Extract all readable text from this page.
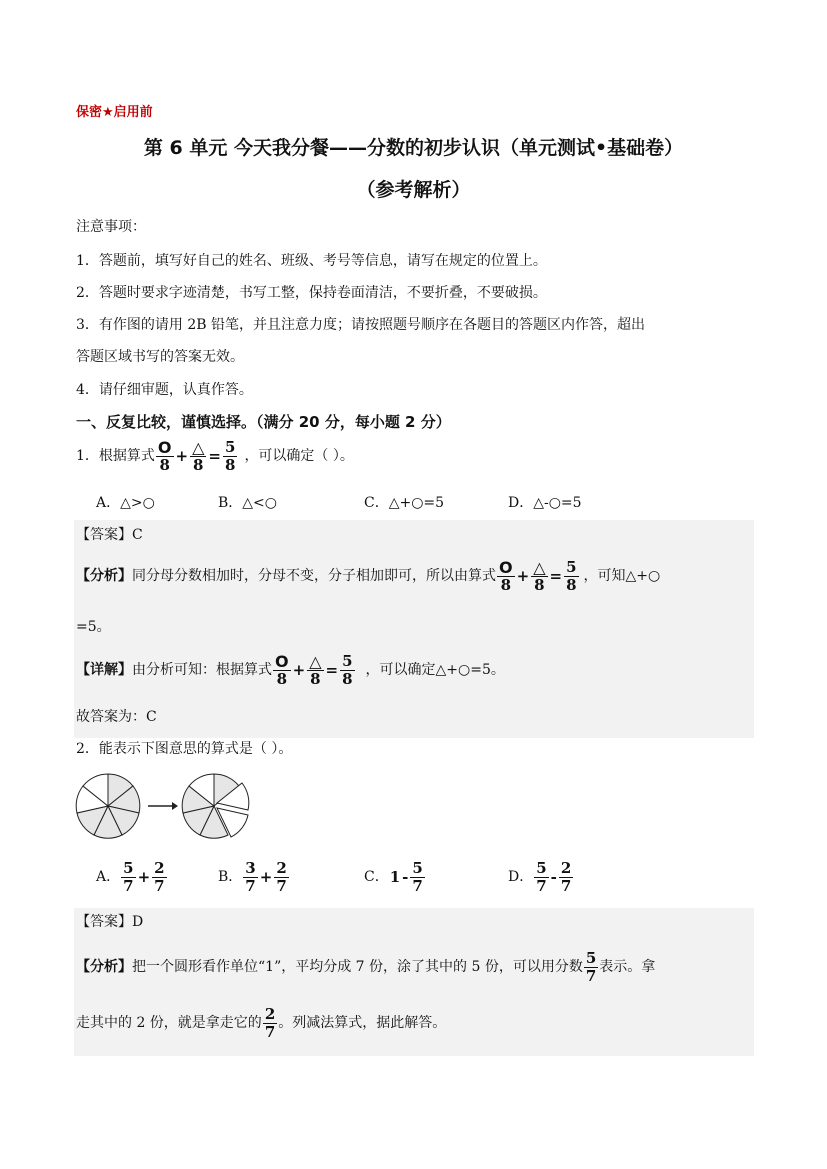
保密★启用前
第 6 单元 今天我分餐——分数的初步认识（单元测试•基础卷）
（参考解析）
注意事项：
1．答题前，填写好自己的姓名、班级、考号等信息，请写在规定的位置上。
2．答题时要求字迹清楚，书写工整，保持卷面清洁，不要折叠，不要破损。
3．有作图的请用 2B 铅笔，并且注意力度；请按照题号顺序在各题目的答题区内作答，超出
答题区域书写的答案无效。
4．请仔细审题，认真作答。
一、反复比较，谨慎选择。（满分 20 分，每小题 2 分）
1．根据算式 $\frac{O}{8} + \frac{\triangle}{8} = \frac{5}{8}$ ，可以确定（ ）。
A．△>○	B．△<○	C．△+○=5	D．△-○=5
【答案】C
【分析】 同分母分数相加时，分母不变，分子相加即可，所以由算式 $\frac{O}{8} + \frac{\triangle}{8} = \frac{5}{8}$ ，可知△+○
=5。
【详解】 由分析可知：根据算式 $\frac{O}{8} + \frac{\triangle}{8} = \frac{5}{8}$ ，可以确定△+○=5。
故答案为：C
2．能表示下图意思的算式是（ ）。
A． $\frac{5}{7} + \frac{2}{7}$	B． $\frac{3}{7} + \frac{2}{7}$	C． $1 - \frac{5}{7}$	D． $\frac{5}{7} - \frac{2}{7}$
【答案】D
【分析】 把一个圆形看作单位“1”，平均分成 7 份，涂了其中的 5 份，可以用分数 $\frac{5}{7}$ 表示。拿
走其中的 2 份，就是拿走它的 $\frac{2}{7}$ 。列减法算式，据此解答。
